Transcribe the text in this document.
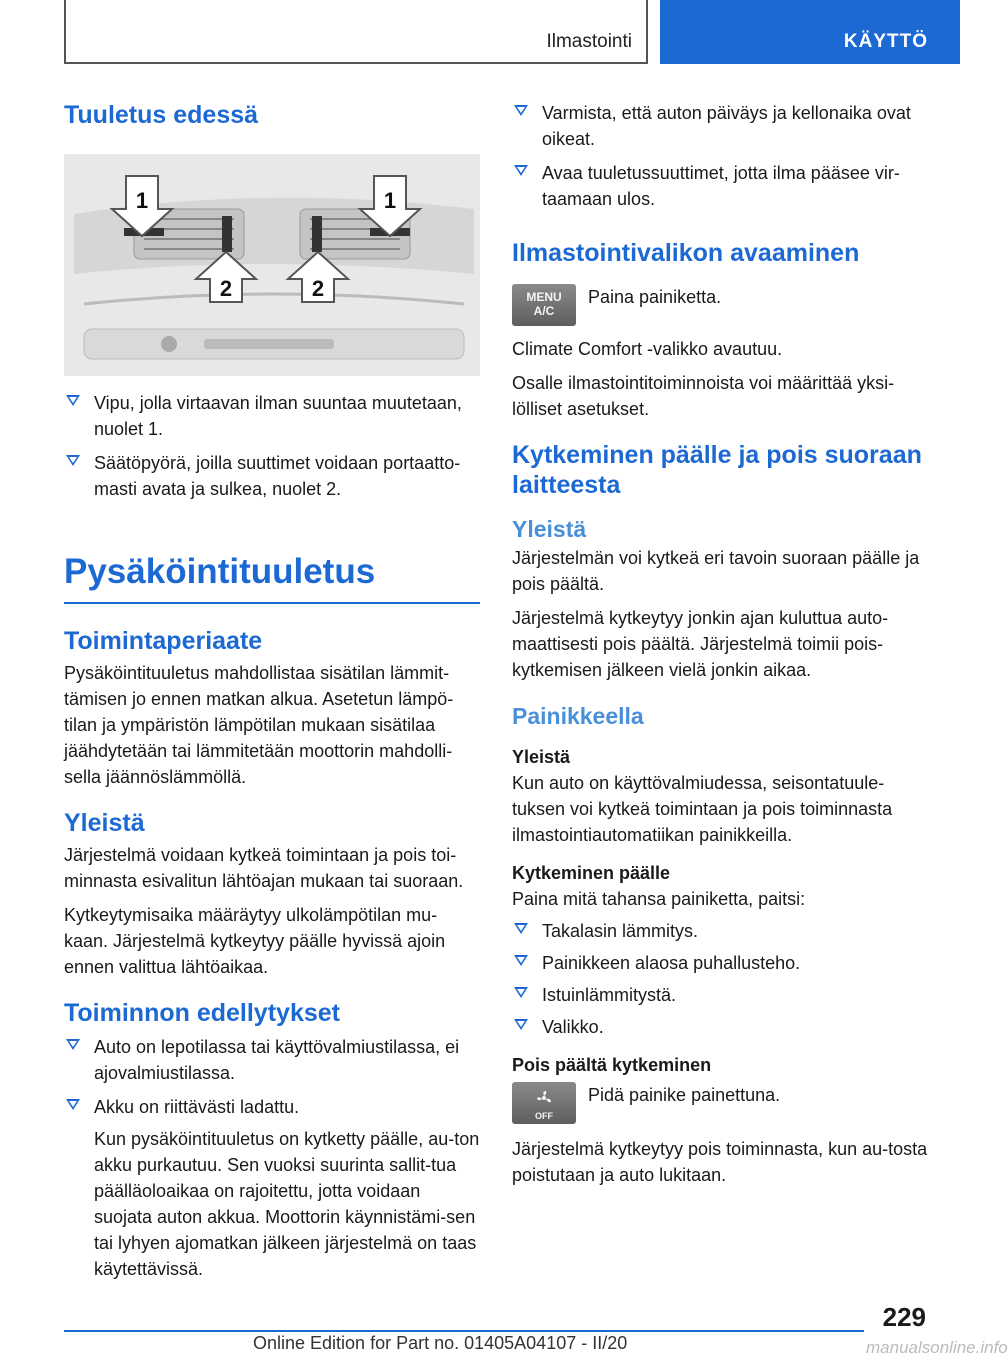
Ilmastointi	KÄYTTÖ
Tuuletus edessä
1	1
2	2
Vipu, jolla virtaavan ilman suuntaa muutetaan, nuolet 1.
Säätöpyörä, joilla suuttimet voidaan portaatto‐masti avata ja sulkea, nuolet 2.
Pysäköintituuletus
Toimintaperiaate

Pysäköintituuletus mahdollistaa sisätilan lämmit‐tämisen jo ennen matkan alkua. Asetetun lämpö‐tilan ja ympäristön lämpötilan mukaan sisätilaa jäähdytetään tai lämmitetään moottorin mahdolli‐sella jäännöslämmöllä.

Yleistä

Järjestelmä voidaan kytkeä toimintaan ja pois toi‐minnasta esivalitun lähtöajan mukaan tai suoraan.

Kytkeytymisaika määräytyy ulkolämpötilan mu‐kaan. Järjestelmä kytkeytyy päälle hyvissä ajoin ennen valittua lähtöaikaa.

Toiminnon edellytykset
Auto on lepotilassa tai käyttövalmiustilassa, ei ajovalmiustilassa.
Akku on riittävästi ladattu.

Kun pysäköintituuletus on kytketty päälle, au‐ton akku purkautuu. Sen vuoksi suurinta sallit‐tua päälläoloaikaa on rajoitettu, jotta voidaan suojata auton akkua. Moottorin käynnistämi‐sen tai lyhyen ajomatkan jälkeen järjestelmä on taas käytettävissä.

Varmista, että auton päiväys ja kellonaika ovat oikeat.
Avaa tuuletussuuttimet, jotta ilma pääsee vir‐taamaan ulos.
Ilmastointivalikon avaaminen
MENU
A/C

Paina painiketta.

Climate Comfort -valikko avautuu.

Osalle ilmastointitoiminnoista voi määrittää yksi‐lölliset asetukset.

Kytkeminen päälle ja pois suoraan laitteesta
Yleistä

Järjestelmän voi kytkeä eri tavoin suoraan päälle ja pois päältä.

Järjestelmä kytkeytyy jonkin ajan kuluttua auto‐maattisesti pois päältä. Järjestelmä toimii pois‐kytkemisen jälkeen vielä jonkin aikaa.

Painikkeella
Yleistä

Kun auto on käyttövalmiudessa, seisontatuule‐tuksen voi kytkeä toimintaan ja pois toiminnasta ilmastointiautomatiikan painikkeilla.

Kytkeminen päälle

Paina mitä tahansa painiketta, paitsi:

Takalasin lämmitys.
Painikkeen alaosa puhallusteho.
Istuinlämmitystä.
Valikko.
Pois päältä kytkeminen
OFF

Pidä painike painettuna.

Järjestelmä kytkeytyy pois toiminnasta, kun au‐tosta poistutaan ja auto lukitaan.

229
Online Edition for Part no. 01405A04107 - II/20	manualsonline.info
